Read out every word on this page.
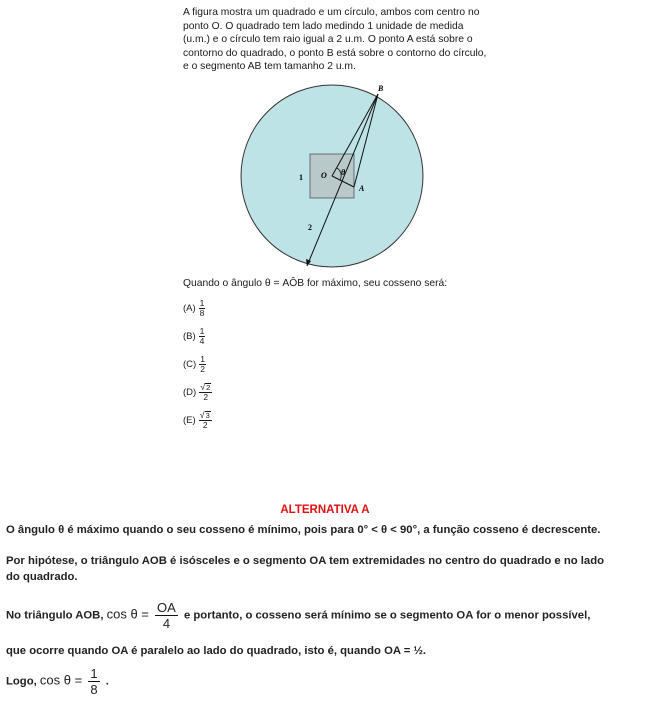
A figura mostra um quadrado e um círculo, ambos com centro no

ponto O. O quadrado tem lado medindo 1 unidade de medida

(u.m.) e o círculo tem raio igual a 2 u.m. O ponto A está sobre o

contorno do quadrado, o ponto B está sobre o contorno do círculo,

e o segmento AB tem tamanho 2 u.m.

B
O θ
A
1
2
Quando o ângulo θ = AÔB for máximo, seu cosseno será:
$(A) \frac{1}{8}$
$(B) \frac{1}{4}$
$(C) \frac{1}{2}$
$(D) \frac{√ 2}{2}$
$(E) \frac{√ 3}{2}$
ALTERNATIVA A

O ângulo θ é máximo quando o seu cosseno é mínimo, pois para 0° < θ < 90°, a função cosseno é decrescente.

Por hipótese, o triângulo AOB é isósceles e o segmento OA tem extremidades no centro do quadrado e no lado

do quadrado.

No triângulo AOB, $\cos \theta = \frac{OA}{4}$ e portanto, o cosseno será mínimo se o segmento OA for o menor possível,

que ocorre quando OA é paralelo ao lado do quadrado, isto é, quando OA = ½.

Logo, $\cos \theta = \frac{1}{8}$ .
